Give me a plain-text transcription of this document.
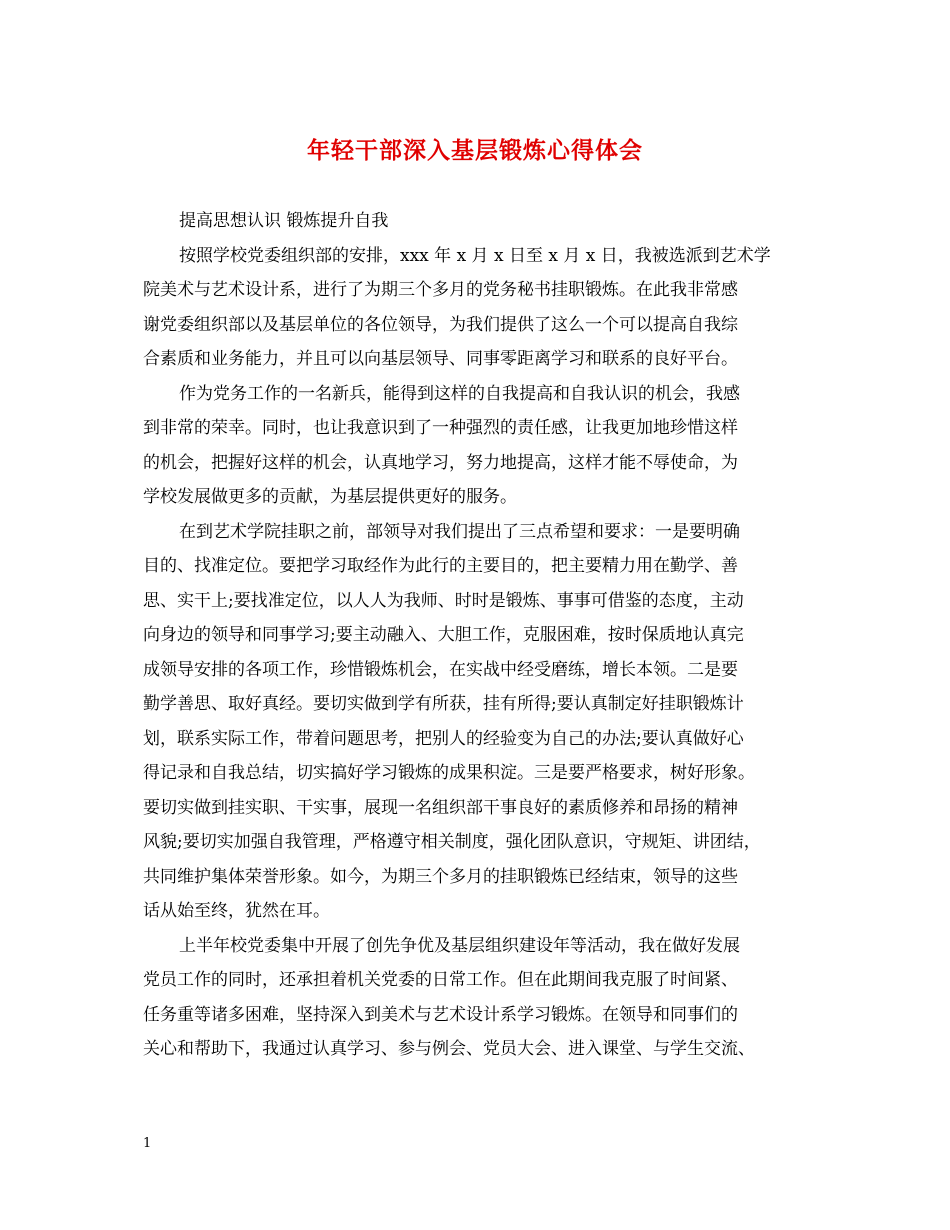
年轻干部深入基层锻炼心得体会

提高思想认识 锻炼提升自我

按照学校党委组织部的安排，xxx 年 x 月 x 日至 x 月 x 日，我被选派到艺术学
院美术与艺术设计系，进行了为期三个多月的党务秘书挂职锻炼。在此我非常感
谢党委组织部以及基层单位的各位领导，为我们提供了这么一个可以提高自我综
合素质和业务能力，并且可以向基层领导、同事零距离学习和联系的良好平台。

作为党务工作的一名新兵，能得到这样的自我提高和自我认识的机会，我感
到非常的荣幸。同时，也让我意识到了一种强烈的责任感，让我更加地珍惜这样
的机会，把握好这样的机会，认真地学习，努力地提高，这样才能不辱使命，为
学校发展做更多的贡献，为基层提供更好的服务。

在到艺术学院挂职之前，部领导对我们提出了三点希望和要求：一是要明确
目的、找准定位。要把学习取经作为此行的主要目的，把主要精力用在勤学、善
思、实干上;要找准定位，以人人为我师、时时是锻炼、事事可借鉴的态度，主动
向身边的领导和同事学习;要主动融入、大胆工作，克服困难，按时保质地认真完
成领导安排的各项工作，珍惜锻炼机会，在实战中经受磨练，增长本领。二是要
勤学善思、取好真经。要切实做到学有所获，挂有所得;要认真制定好挂职锻炼计
划，联系实际工作，带着问题思考，把别人的经验变为自己的办法;要认真做好心
得记录和自我总结，切实搞好学习锻炼的成果积淀。三是要严格要求，树好形象。
要切实做到挂实职、干实事，展现一名组织部干事良好的素质修养和昂扬的精神
风貌;要切实加强自我管理，严格遵守相关制度，强化团队意识，守规矩、讲团结，
共同维护集体荣誉形象。如今，为期三个多月的挂职锻炼已经结束，领导的这些
话从始至终，犹然在耳。

上半年校党委集中开展了创先争优及基层组织建设年等活动，我在做好发展
党员工作的同时，还承担着机关党委的日常工作。但在此期间我克服了时间紧、
任务重等诸多困难，坚持深入到美术与艺术设计系学习锻炼。在领导和同事们的
关心和帮助下，我通过认真学习、参与例会、党员大会、进入课堂、与学生交流、

1
